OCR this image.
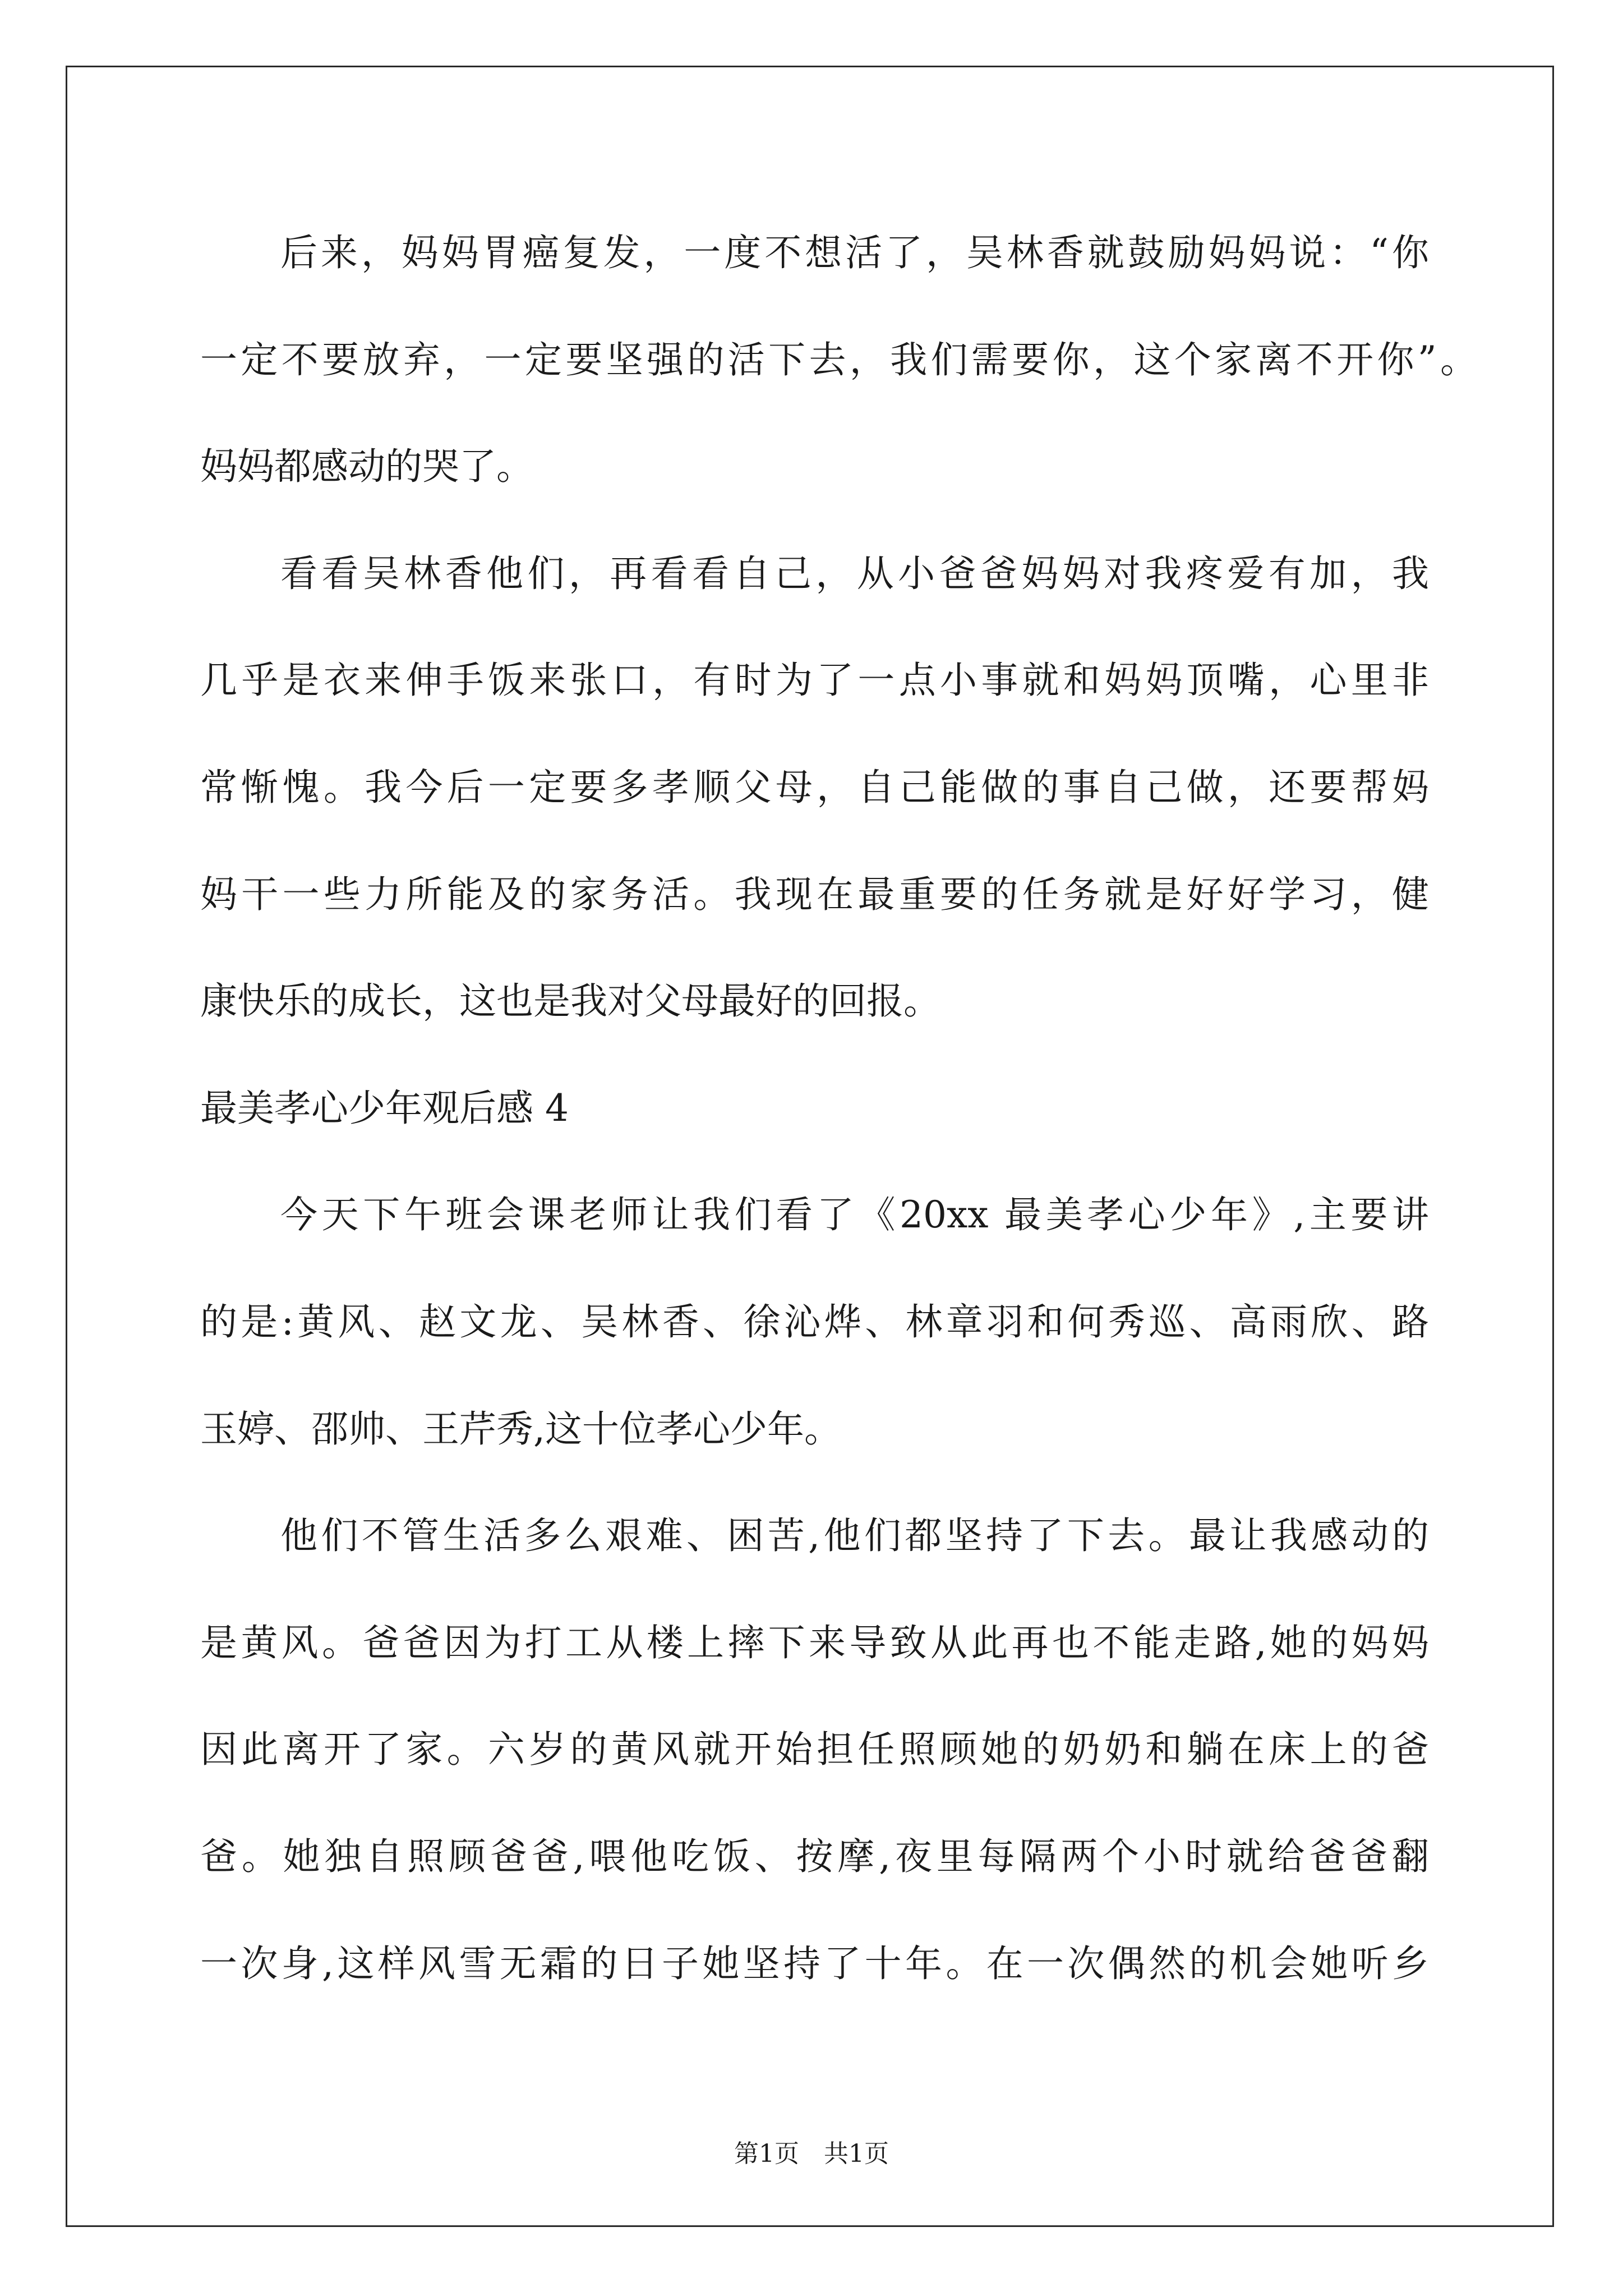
后来，妈妈胃癌复发，一度不想活了，吴林香就鼓励妈妈说：“你
一定不要放弃，一定要坚强的活下去，我们需要你，这个家离不开你”。
妈妈都感动的哭了。
看看吴林香他们，再看看自己，从小爸爸妈妈对我疼爱有加，我
几乎是衣来伸手饭来张口，有时为了一点小事就和妈妈顶嘴，心里非
常惭愧。我今后一定要多孝顺父母，自己能做的事自己做，还要帮妈
妈干一些力所能及的家务活。我现在最重要的任务就是好好学习，健
康快乐的成长，这也是我对父母最好的回报。
最美孝心少年观后感 4
今天下午班会课老师让我们看了《20xx 最美孝心少年》,主要讲
的是:黄风、赵文龙、吴林香、徐沁烨、林章羽和何秀巡、高雨欣、路
玉婷、邵帅、王芹秀,这十位孝心少年。
他们不管生活多么艰难、困苦,他们都坚持了下去。最让我感动的
是黄风。爸爸因为打工从楼上摔下来导致从此再也不能走路,她的妈妈
因此离开了家。六岁的黄风就开始担任照顾她的奶奶和躺在床上的爸
爸。她独自照顾爸爸,喂他吃饭、按摩,夜里每隔两个小时就给爸爸翻
一次身,这样风雪无霜的日子她坚持了十年。在一次偶然的机会她听乡
第1页 共1页
